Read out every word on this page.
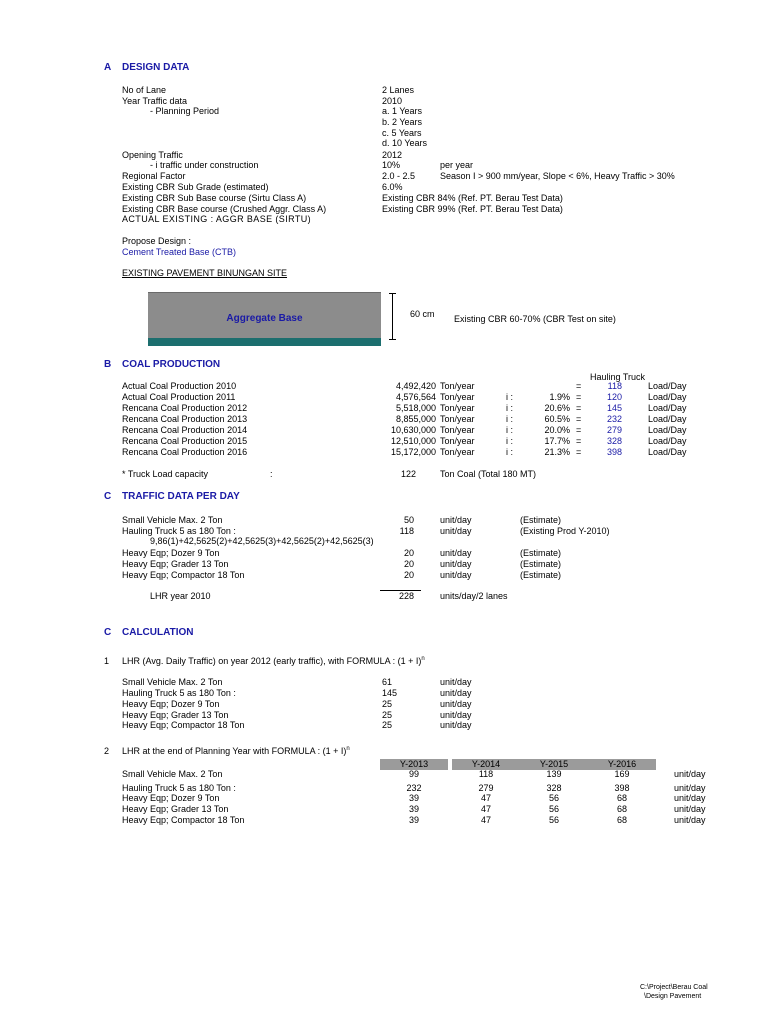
A DESIGN DATA
No of Lane	2 Lanes
Year Traffic data	2010
- Planning Period	a. 1 Years
b. 2 Years
c. 5 Years
d. 10 Years
Opening Traffic	2012
- i traffic under construction	10%	per year
Regional Factor	2.0 - 2.5	Season I > 900 mm/year, Slope < 6%, Heavy Traffic > 30%
Existing CBR Sub Grade (estimated)	6.0%
Existing CBR Sub Base course (Sirtu Class A)	Existing CBR 84% (Ref. PT. Berau Test Data)
Existing CBR Base course (Crushed Aggr. Class A)	Existing CBR 99% (Ref. PT. Berau Test Data)
ACTUAL EXISTING : AGGR BASE (SIRTU)
Propose Design :
Cement Treated Base (CTB)
EXISTING PAVEMENT BINUNGAN SITE
Aggregate Base	60 cm Existing CBR 60-70% (CBR Test on site)
B COAL PRODUCTION
Hauling Truck
Actual Coal Production 2010	4,492,420 Ton/year	=	118	Load/Day
Actual Coal Production 2011	4,576,564 Ton/year	i :	1.9% =	120	Load/Day
Rencana Coal Production 2012	5,518,000 Ton/year	i :	20.6% =	145	Load/Day
Rencana Coal Production 2013	8,855,000 Ton/year	i :	60.5% =	232	Load/Day
Rencana Coal Production 2014	10,630,000 Ton/year	i :	20.0% =	279	Load/Day
Rencana Coal Production 2015	12,510,000 Ton/year	i :	17.7% =	328	Load/Day
Rencana Coal Production 2016	15,172,000 Ton/year	i :	21.3% =	398	Load/Day
* Truck Load capacity	:	122	Ton Coal (Total 180 MT)
C TRAFFIC DATA PER DAY
Small Vehicle Max. 2 Ton	50	unit/day	(Estimate)
Hauling Truck 5 as 180 Ton :	118	unit/day	(Existing Prod Y-2010)
9,86(1)+42,5625(2)+42,5625(3)+42,5625(2)+42,5625(3)
Heavy Eqp; Dozer 9 Ton	20	unit/day	(Estimate)
Heavy Eqp; Grader 13 Ton	20	unit/day	(Estimate)
Heavy Eqp; Compactor 18 Ton	20	unit/day	(Estimate)
LHR year 2010	228	units/day/2 lanes
C CALCULATION
1 LHR (Avg. Daily Traffic) on year 2012 (early traffic), with FORMULA : $(1 + I)^n$
Small Vehicle Max. 2 Ton	61	unit/day
Hauling Truck 5 as 180 Ton :	145	unit/day
Heavy Eqp; Dozer 9 Ton	25	unit/day
Heavy Eqp; Grader 13 Ton	25	unit/day
Heavy Eqp; Compactor 18 Ton	25	unit/day
2 LHR at the end of Planning Year with FORMULA : $(1 + I)^n$
Y-2013	Y-2014	Y-2015	Y-2016
Small Vehicle Max. 2 Ton	99	118	139	169	unit/day
Hauling Truck 5 as 180 Ton :	232	279	328	398	unit/day
Heavy Eqp; Dozer 9 Ton	39	47	56	68	unit/day
Heavy Eqp; Grader 13 Ton	39	47	56	68	unit/day
Heavy Eqp; Compactor 18 Ton	39	47	56	68	unit/day
C:\Project\Berau Coal
\Design Pavement
